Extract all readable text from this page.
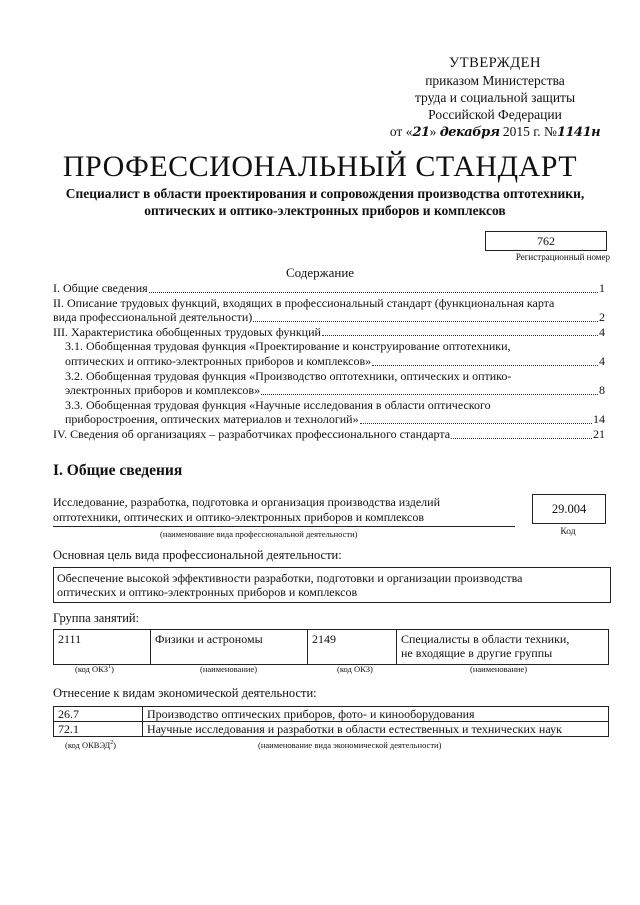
УТВЕРЖДЕН
приказом Министерства
труда и социальной защиты
Российской Федерации
от «21» декабря 2015 г. №1141н
ПРОФЕССИОНАЛЬНЫЙ СТАНДАРТ
Специалист в области проектирования и сопровождения производства оптотехники, оптических и оптико-электронных приборов и комплексов
762
Регистрационный номер
Содержание
I. Общие сведения	1
II. Описание трудовых функций, входящих в профессиональный стандарт (функциональная карта
вида профессиональной деятельности)	2
III. Характеристика обобщенных трудовых функций	4
3.1. Обобщенная трудовая функция «Проектирование и конструирование оптотехники,
оптических и оптико-электронных приборов и комплексов»	4
3.2. Обобщенная трудовая функция «Производство оптотехники, оптических и оптико-
электронных приборов и комплексов»	8
3.3. Обобщенная трудовая функция «Научные исследования в области оптического
приборостроения, оптических материалов и технологий»	14
IV. Сведения об организациях – разработчиках профессионального стандарта	21
I. Общие сведения
Исследование, разработка, подготовка и организация производства изделий
оптотехники, оптических и оптико-электронных приборов и комплексов
(наименование вида профессиональной деятельности)
29.004
Код
Основная цель вида профессиональной деятельности:
Обеспечение высокой эффективности разработки, подготовки и организации производства
оптических и оптико-электронных приборов и комплексов
Группа занятий:
2111	Физики и астрономы	2149	Специалисты в области техники,
не входящие в другие группы
(код ОКЗ$^1$)	(наименование)	(код ОКЗ)	(наименование)
Отнесение к видам экономической деятельности:
26.7	Производство оптических приборов, фото- и кинооборудования
72.1	Научные исследования и разработки в области естественных и технических наук
(код ОКВЭД$^2$)	(наименование вида экономической деятельности)
